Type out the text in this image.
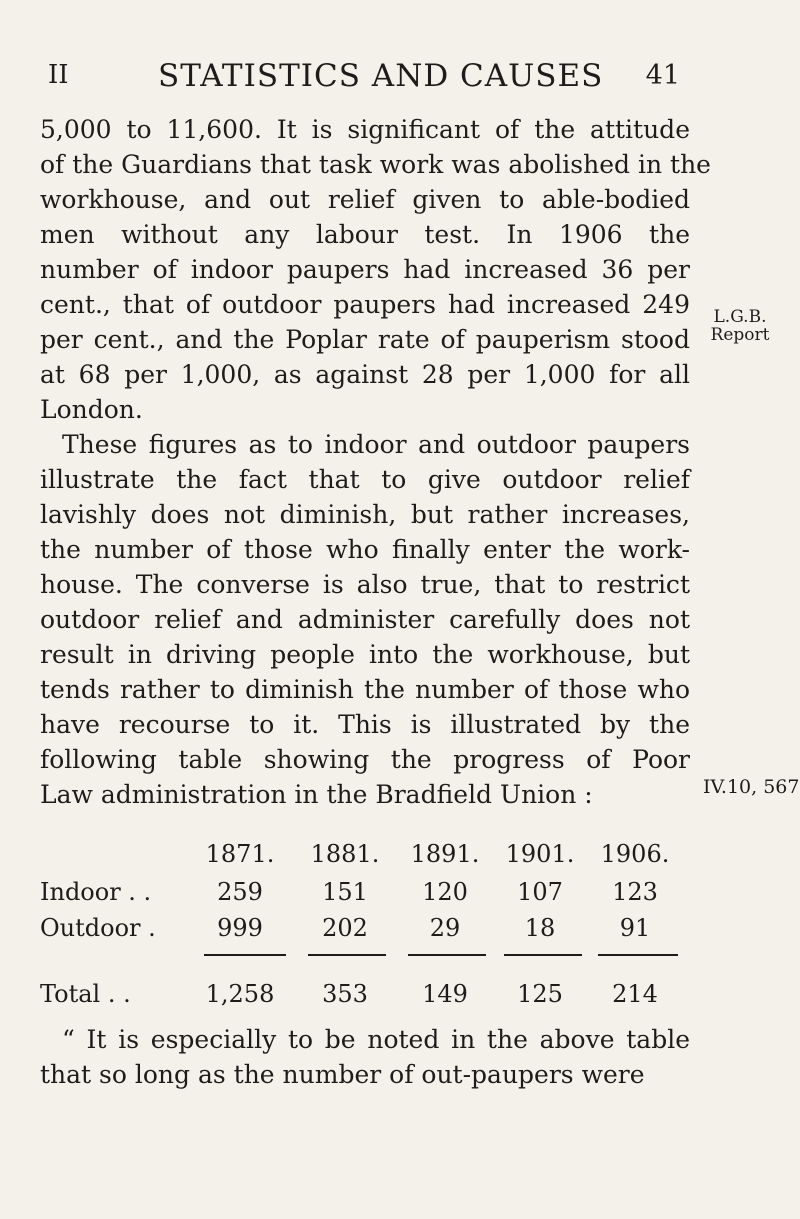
II	STATISTICS AND CAUSES 41
5,000 to 11,600. It is significant of the attitude
of the Guardians that task work was abolished in the
workhouse, and out relief given to able-bodied
men without any labour test. In 1906 the
number of indoor paupers had increased 36 per
cent., that of outdoor paupers had increased 249
per cent., and the Poplar rate of pauperism stood
at 68 per 1,000, as against 28 per 1,000 for all
London.
These figures as to indoor and outdoor paupers
illustrate the fact that to give outdoor relief
lavishly does not diminish, but rather increases,
the number of those who finally enter the work-
house. The converse is also true, that to restrict
outdoor relief and administer carefully does not
result in driving people into the workhouse, but
tends rather to diminish the number of those who
have recourse to it. This is illustrated by the
following table showing the progress of Poor
Law administration in the Bradfield Union :
L.G.B.
Report
IV.10, 567
1871.	1881.	1891.	1901.	1906.
Indoor . .	259	151	120	107	123
Outdoor .	999	202	29	18	91
Total . .	1,258	353	149	125	214
“ It is especially to be noted in the above table
that so long as the number of out-paupers were
